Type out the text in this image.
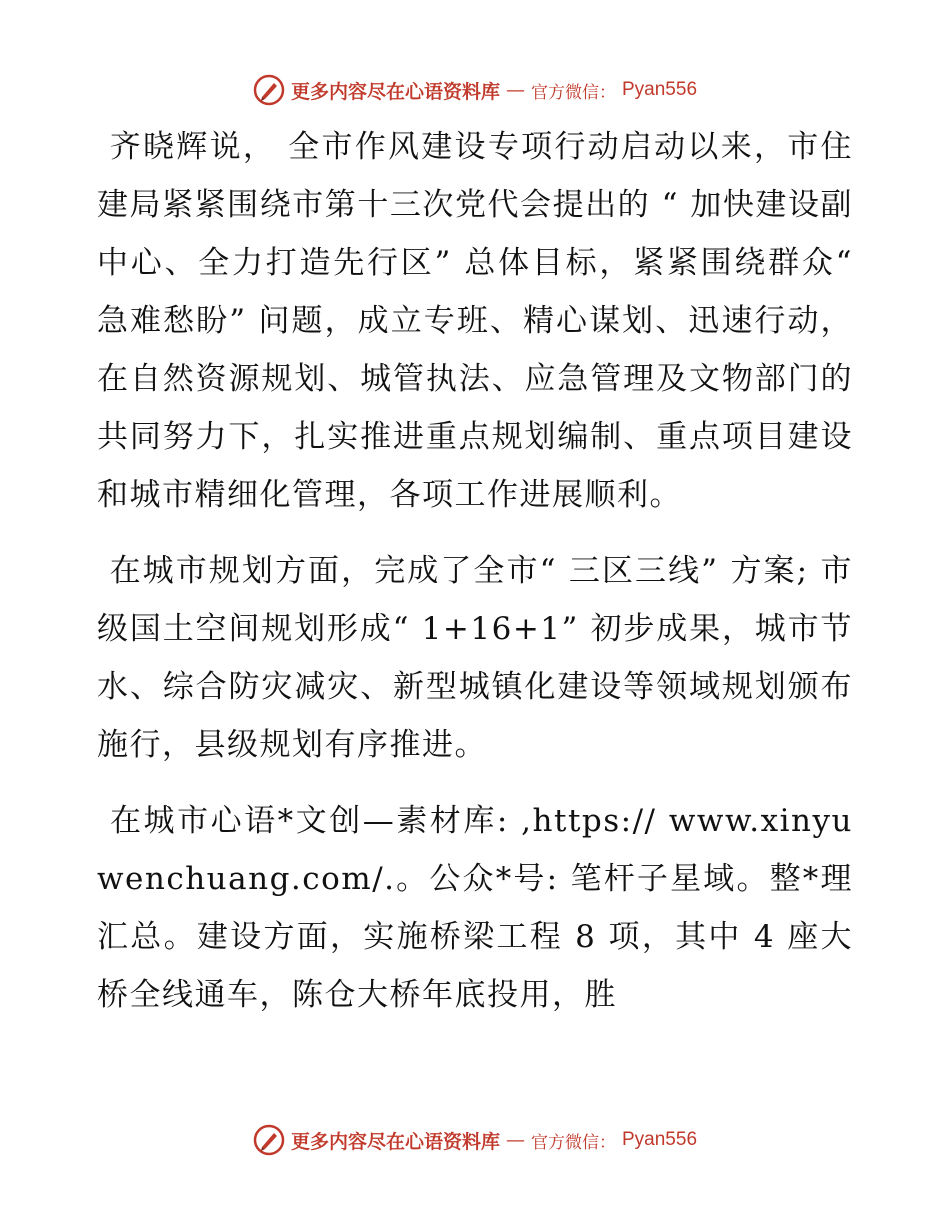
更多内容尽在心语资料库 — 官方微信： Pyan556

齐晓辉说， 全市作风建设专项行动启动以来，市住建局紧紧围绕市第十三次党代会提出的 “ 加快建设副中心、全力打造先行区” 总体目标，紧紧围绕群众“ 急难愁盼” 问题，成立专班、精心谋划、迅速行动，在自然资源规划、城管执法、应急管理及文物部门的共同努力下，扎实推进重点规划编制、重点项目建设和城市精细化管理，各项工作进展顺利。

在城市规划方面，完成了全市“ 三区三线” 方案; 市级国土空间规划形成“ 1+16+1” 初步成果，城市节水、综合防灾减灾、新型城镇化建设等领域规划颁布施行，县级规划有序推进。

在城市心语*文创—素材库: ,https:// www.xinyuwenchuang.com/.。公众*号: 笔杆子星域。整*理汇总。建设方面，实施桥梁工程 8 项，其中 4 座大桥全线通车，陈仓大桥年底投用，胜

更多内容尽在心语资料库 — 官方微信： Pyan556
